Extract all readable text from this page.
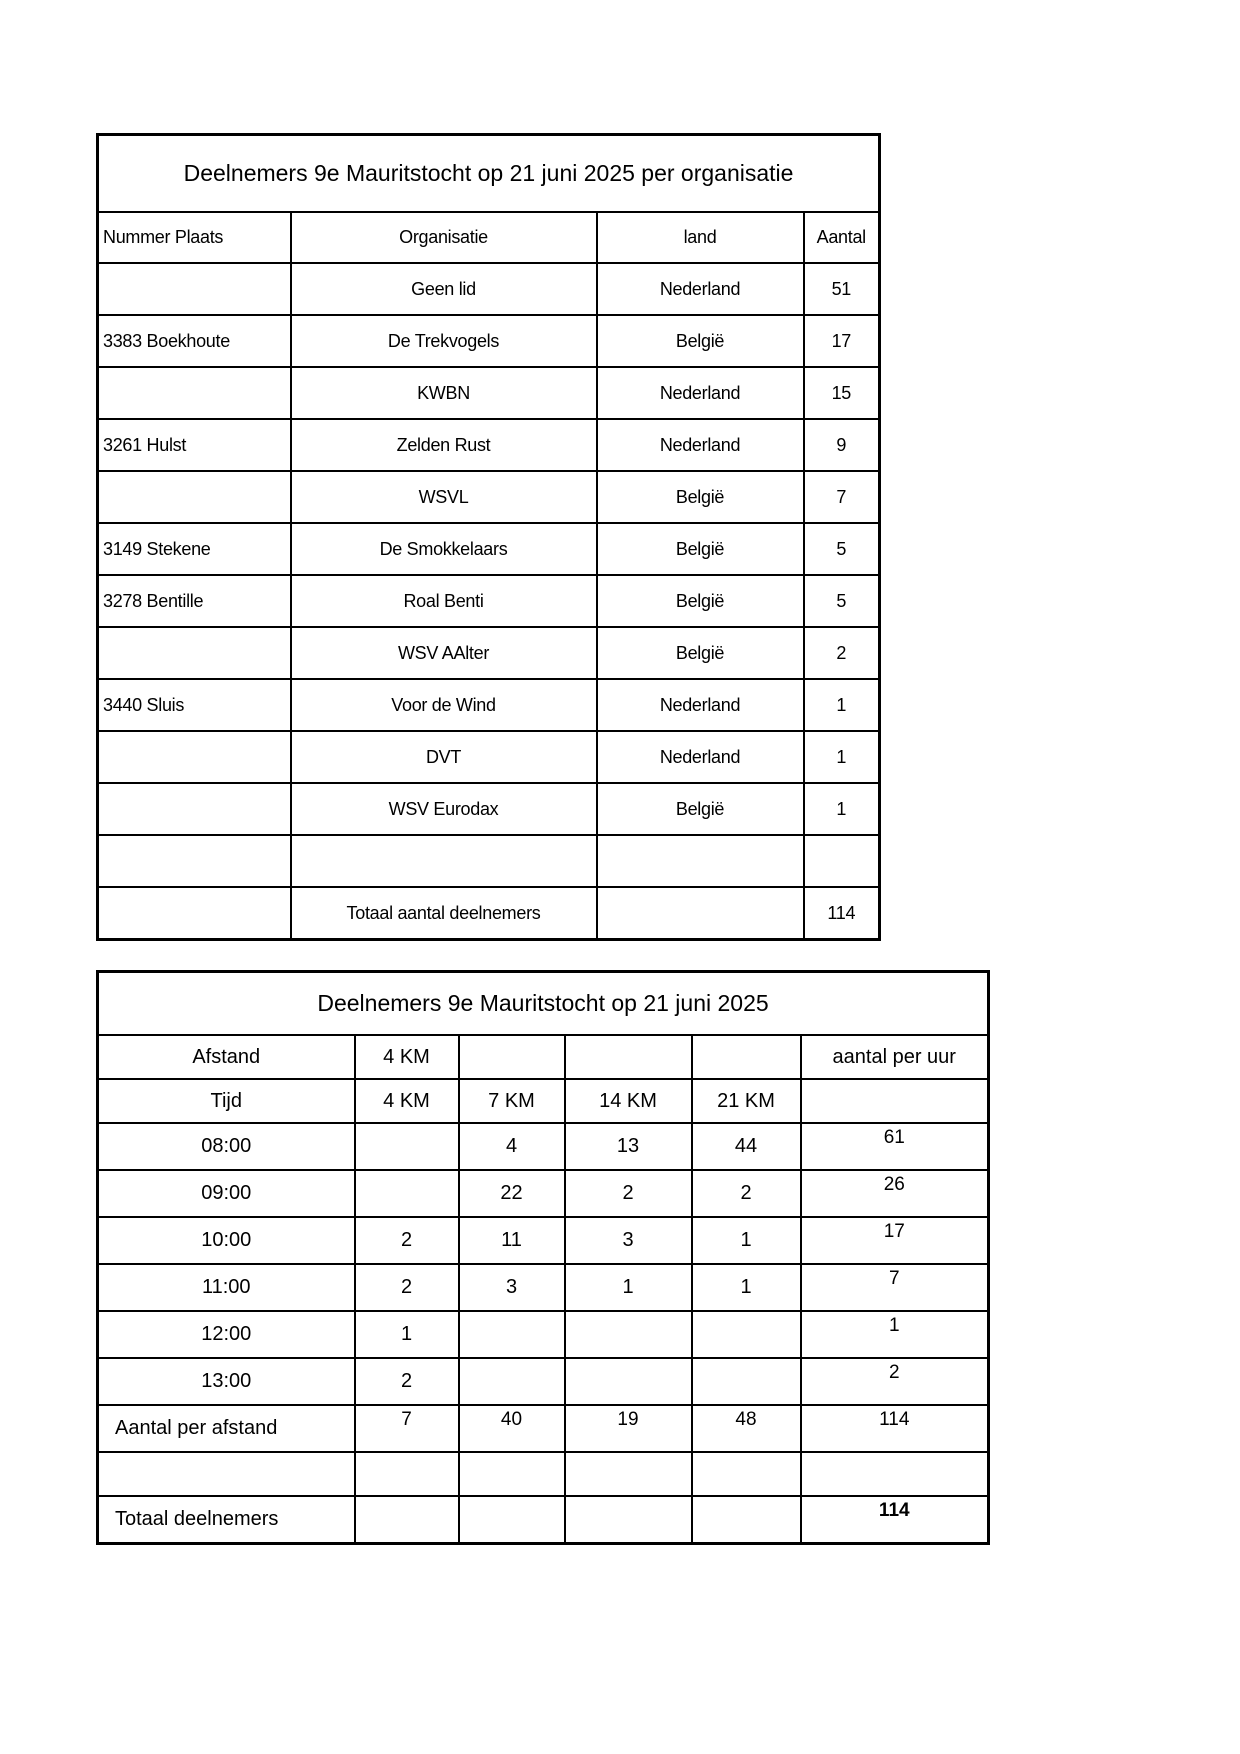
Deelnemers 9e Mauritstocht op 21 juni 2025 per organisatie			
Nummer Plaats	Organisatie	land	Aantal
	Geen lid	Nederland	51
3383 Boekhoute	De Trekvogels	België	17
	KWBN	Nederland	15
3261 Hulst	Zelden Rust	Nederland	9
	WSVL	België	7
3149 Stekene	De Smokkelaars	België	5
3278 Bentille	Roal Benti	België	5
	WSV AAlter	België	2
3440 Sluis	Voor de Wind	Nederland	1
	DVT	Nederland	1
	WSV Eurodax	België	1

	Totaal aantal deelnemers		114
Deelnemers 9e Mauritstocht op 21 juni 2025					
Afstand	4 KM				aantal per uur
Tijd	4 KM	7 KM	14 KM	21 KM	
08:00		4	13	44	61
09:00		22	2	2	26
10:00	2	11	3	1	17
11:00	2	3	1	1	7
12:00	1				1
13:00	2				2
Aantal per afstand	7	40	19	48	114

Totaal deelnemers					114
